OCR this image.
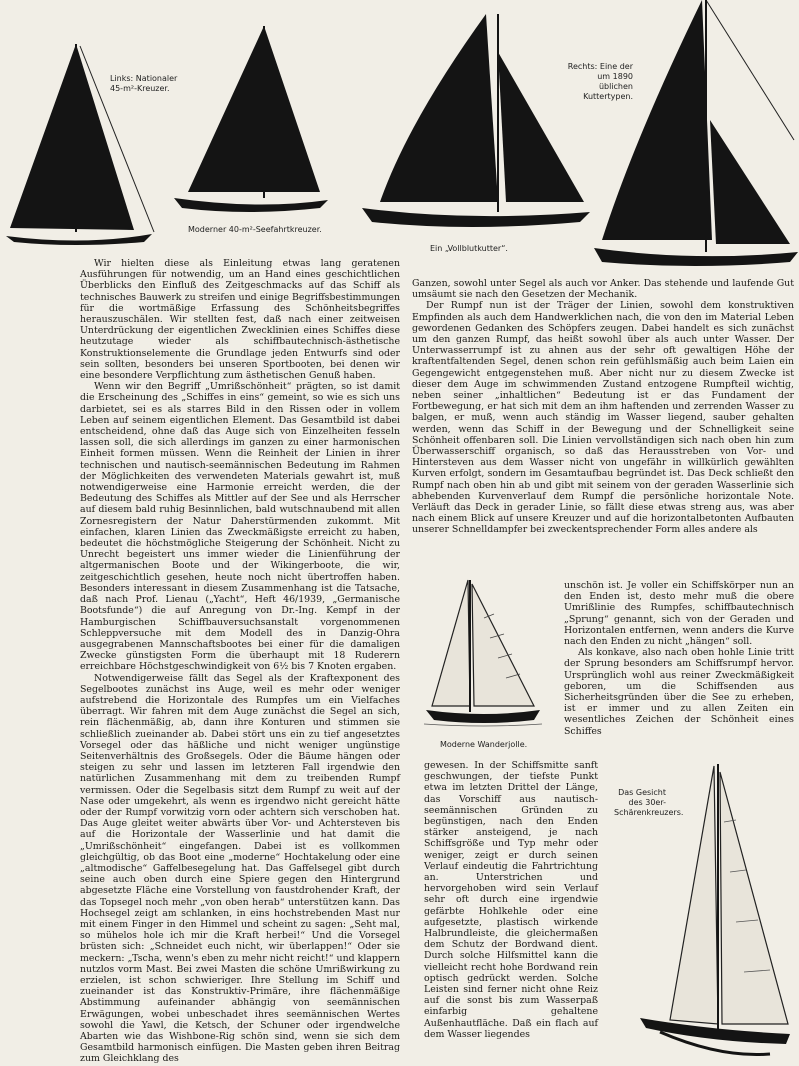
Links: Nationaler 45-m²-Kreuzer.
Moderner 40-m²-Seefahrtkreuzer.
Ein „Vollblutkutter“.
Rechts: Eine der um 1890 üblichen Kuttertypen.

Wir hielten diese als Einleitung etwas lang geratenen Ausführungen für notwendig, um an Hand eines geschichtlichen Überblicks den Einfluß des Zeitgeschmacks auf das Schiff als technisches Bauwerk zu streifen und einige Begriffsbestimmungen für die wortmäßige Erfassung des Schönheitsbegriffes herauszuschälen. Wir stellten fest, daß nach einer zeitweisen Unterdrückung der eigentlichen Zwecklinien eines Schiffes diese heutzutage wieder als schiffbautechnisch-ästhetische Konstruktionselemente die Grundlage jeden Entwurfs sind oder sein sollten, besonders bei unseren Sportbooten, bei denen wir eine besondere Verpflichtung zum ästhetischen Genuß haben.

Wenn wir den Begriff „Umrißschönheit“ prägten, so ist damit die Erscheinung des „Schiffes in eins“ gemeint, so wie es sich uns darbietet, sei es als starres Bild in den Rissen oder in vollem Leben auf seinem eigentlichen Element. Das Gesamtbild ist dabei entscheidend, ohne daß das Auge sich von Einzelheiten fesseln lassen soll, die sich allerdings im ganzen zu einer harmonischen Einheit formen müssen. Wenn die Reinheit der Linien in ihrer technischen und nautisch-seemännischen Bedeutung im Rahmen der Möglichkeiten des verwendeten Materials gewahrt ist, muß notwendigerweise eine Harmonie erreicht werden, die der Bedeutung des Schiffes als Mittler auf der See und als Herrscher auf diesem bald ruhig Besinnlichen, bald wutschnaubend mit allen Zornesregistern der Natur Daherstürmenden zukommt. Mit einfachen, klaren Linien das Zweckmäßigste erreicht zu haben, bedeutet die höchstmögliche Steigerung der Schönheit. Nicht zu Unrecht begeistert uns immer wieder die Linienführung der altgermanischen Boote und der Wikingerboote, die wir, zeitgeschichtlich gesehen, heute noch nicht übertroffen haben. Besonders interessant in diesem Zusammenhang ist die Tatsache, daß nach Prof. Lienau („Yacht“, Heft 46/1939, „Germanische Bootsfunde“) die auf Anregung von Dr.-Ing. Kempf in der Hamburgischen Schiffbauversuchsanstalt vorgenommenen Schleppversuche mit dem Modell des in Danzig-Ohra ausgegrabenen Mannschaftsbootes bei einer für die damaligen Zwecke günstigsten Form die überhaupt mit 18 Ruderern erreichbare Höchstgeschwindigkeit von 6½ bis 7 Knoten ergaben.

Notwendigerweise fällt das Segel als der Kraftexponent des Segelbootes zunächst ins Auge, weil es mehr oder weniger aufstrebend die Horizontale des Rumpfes um ein Vielfaches überragt. Wir fahren mit dem Auge zunächst die Segel an sich, rein flächenmäßig, ab, dann ihre Konturen und stimmen sie schließlich zueinander ab. Dabei stört uns ein zu tief angesetztes Vorsegel oder das häßliche und nicht weniger ungünstige Seitenverhältnis des Großsegels. Oder die Bäume hängen oder steigen zu sehr und lassen im letzteren Fall irgendwie den natürlichen Zusammenhang mit dem zu treibenden Rumpf vermissen. Oder die Segelbasis sitzt dem Rumpf zu weit auf der Nase oder umgekehrt, als wenn es irgendwo nicht gereicht hätte oder der Rumpf vorwitzig vorn oder achtern sich verschoben hat. Das Auge gleitet weiter abwärts über Vor- und Achtersteven bis auf die Horizontale der Wasserlinie und hat damit die „Umrißschönheit“ eingefangen. Dabei ist es vollkommen gleichgültig, ob das Boot eine „moderne“ Hochtakelung oder eine „altmodische“ Gaffelbesegelung hat. Das Gaffelsegel gibt durch seine auch oben durch eine Spiere gegen den Hintergrund abgesetzte Fläche eine Vorstellung von faustdrohender Kraft, der das Topsegel noch mehr „von oben herab“ unterstützen kann. Das Hochsegel zeigt am schlanken, in eins hochstrebenden Mast nur mit einem Finger in den Himmel und scheint zu sagen: „Seht mal, so mühelos hole ich mir die Kraft herbei!“ Und die Vorsegel brüsten sich: „Schneidet euch nicht, wir überlappen!“ Oder sie meckern: „Tscha, wenn's eben zu mehr nicht reicht!“ und klappern nutzlos vorm Mast. Bei zwei Masten die schöne Umrißwirkung zu erzielen, ist schon schwieriger. Ihre Stellung im Schiff und zueinander ist das Konstruktiv-Primäre, ihre flächenmäßige Abstimmung aufeinander abhängig von seemännischen Erwägungen, wobei unbeschadet ihres seemännischen Wertes sowohl die Yawl, die Ketsch, der Schuner oder irgendwelche Abarten wie das Wishbone-Rig schön sind, wenn sie sich dem Gesamtbild harmonisch einfügen. Die Masten geben ihren Beitrag zum Gleichklang des

Ganzen, sowohl unter Segel als auch vor Anker. Das stehende und laufende Gut umsäumt sie nach den Gesetzen der Mechanik.

Der Rumpf nun ist der Träger der Linien, sowohl dem konstruktiven Empfinden als auch dem Handwerklichen nach, die von den im Material Leben gewordenen Gedanken des Schöpfers zeugen. Dabei handelt es sich zunächst um den ganzen Rumpf, das heißt sowohl über als auch unter Wasser. Der Unterwasserrumpf ist zu ahnen aus der sehr oft gewaltigen Höhe der kraftentfaltenden Segel, denen schon rein gefühlsmäßig auch beim Laien ein Gegengewicht entgegenstehen muß. Aber nicht nur zu diesem Zwecke ist dieser dem Auge im schwimmenden Zustand entzogene Rumpfteil wichtig, neben seiner „inhaltlichen“ Bedeutung ist er das Fundament der Fortbewegung, er hat sich mit dem an ihm haftenden und zerrenden Wasser zu balgen, er muß, wenn auch ständig im Wasser liegend, sauber gehalten werden, wenn das Schiff in der Bewegung und der Schnelligkeit seine Schönheit offenbaren soll. Die Linien vervollständigen sich nach oben hin zum Überwasserschiff organisch, so daß das Herausstreben von Vor- und Hintersteven aus dem Wasser nicht von ungefähr in willkürlich gewählten Kurven erfolgt, sondern im Gesamtaufbau begründet ist. Das Deck schließt den Rumpf nach oben hin ab und gibt mit seinem von der geraden Wasserlinie sich abhebenden Kurvenverlauf dem Rumpf die persönliche horizontale Note. Verläuft das Deck in gerader Linie, so fällt diese etwas streng aus, was aber nach einem Blick auf unsere Kreuzer und auf die horizontalbetonten Aufbauten unserer Schnelldampfer bei zweckentsprechender Form alles andere als

Moderne Wanderjolle.

unschön ist. Je voller ein Schiffskörper nun an den Enden ist, desto mehr muß die obere Umrißlinie des Rumpfes, schiffbautechnisch „Sprung“ genannt, sich von der Geraden und Horizontalen entfernen, wenn anders die Kurve nach den Enden zu nicht „hängen“ soll.

Als konkave, also nach oben hohle Linie tritt der Sprung besonders am Schiffsrumpf hervor. Ursprünglich wohl aus reiner Zweckmäßigkeit geboren, um die Schiffsenden aus Sicherheitsgründen über die See zu erheben, ist er immer und zu allen Zeiten ein wesentliches Zeichen der Schönheit eines Schiffes

gewesen. In der Schiffsmitte sanft geschwungen, der tiefste Punkt etwa im letzten Drittel der Länge, das Vorschiff aus nautisch-seemännischen Gründen zu begünstigen, nach den Enden stärker ansteigend, je nach Schiffsgröße und Typ mehr oder weniger, zeigt er durch seinen Verlauf eindeutig die Fahrtrichtung an. Unterstrichen und hervorgehoben wird sein Verlauf sehr oft durch eine irgendwie gefärbte Hohlkehle oder eine aufgesetzte, plastisch wirkende Halbrundleiste, die gleichermaßen dem Schutz der Bordwand dient. Durch solche Hilfsmittel kann die vielleicht recht hohe Bordwand rein optisch gedrückt werden. Solche Leisten sind ferner nicht ohne Reiz auf die sonst bis zum Wasserpaß einfarbig gehaltene Außenhautfläche. Daß ein flach auf dem Wasser liegendes

Das Gesicht des 30er-Schärenkreuzers.
